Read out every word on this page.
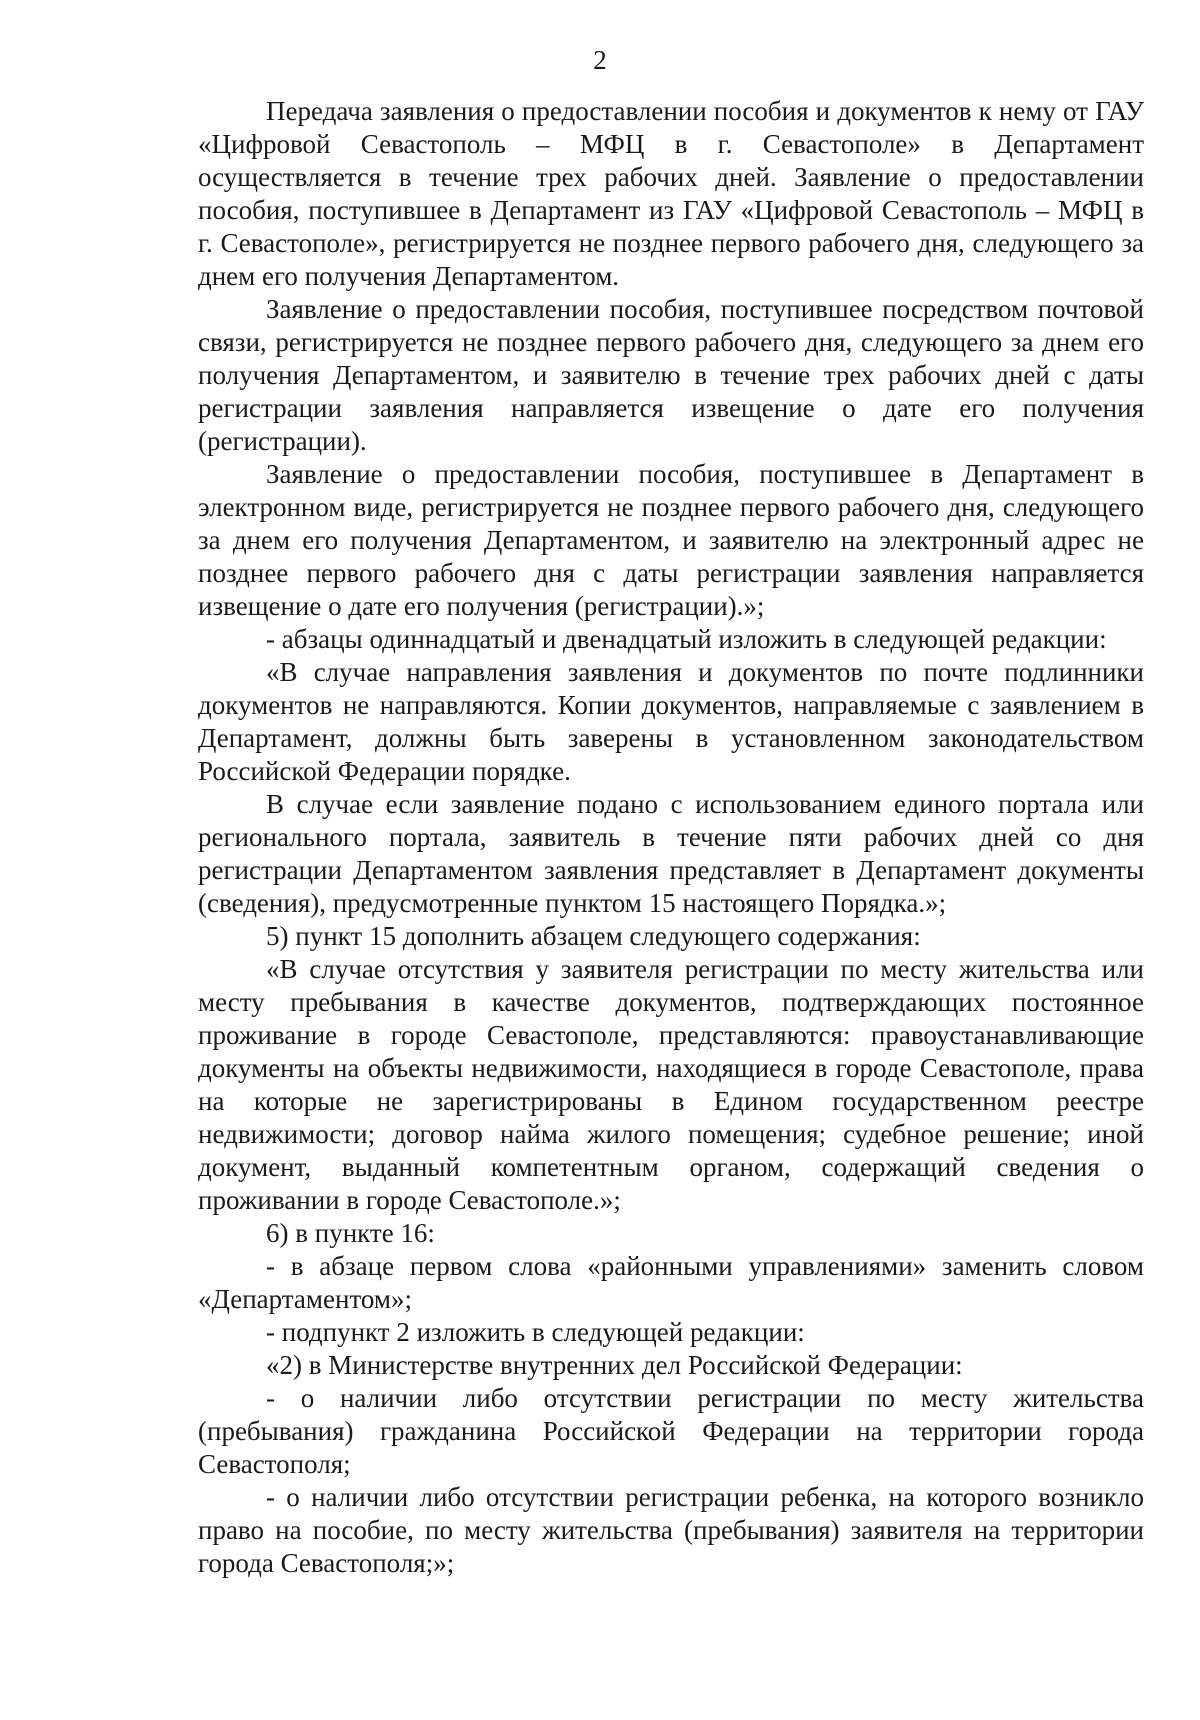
2

Передача заявления о предоставлении пособия и документов к нему от ГАУ «Цифровой Севастополь – МФЦ в г. Севастополе» в Департамент осуществляется в течение трех рабочих дней. Заявление о предоставлении пособия, поступившее в Департамент из ГАУ «Цифровой Севастополь – МФЦ в г. Севастополе», регистрируется не позднее первого рабочего дня, следующего за днем его получения Департаментом.

Заявление о предоставлении пособия, поступившее посредством почтовой связи, регистрируется не позднее первого рабочего дня, следующего за днем его получения Департаментом, и заявителю в течение трех рабочих дней с даты регистрации заявления направляется извещение о дате его получения (регистрации).

Заявление о предоставлении пособия, поступившее в Департамент в электронном виде, регистрируется не позднее первого рабочего дня, следующего за днем его получения Департаментом, и заявителю на электронный адрес не позднее первого рабочего дня с даты регистрации заявления направляется извещение о дате его получения (регистрации).»;

- абзацы одиннадцатый и двенадцатый изложить в следующей редакции:

«В случае направления заявления и документов по почте подлинники документов не направляются. Копии документов, направляемые с заявлением в Департамент, должны быть заверены в установленном законодательством Российской Федерации порядке.

В случае если заявление подано с использованием единого портала или регионального портала, заявитель в течение пяти рабочих дней со дня регистрации Департаментом заявления представляет в Департамент документы (сведения), предусмотренные пунктом 15 настоящего Порядка.»;

5) пункт 15 дополнить абзацем следующего содержания:

«В случае отсутствия у заявителя регистрации по месту жительства или месту пребывания в качестве документов, подтверждающих постоянное проживание в городе Севастополе, представляются: правоустанавливающие документы на объекты недвижимости, находящиеся в городе Севастополе, права на которые не зарегистрированы в Едином государственном реестре недвижимости; договор найма жилого помещения; судебное решение; иной документ, выданный компетентным органом, содержащий сведения о проживании в городе Севастополе.»;

6) в пункте 16:

- в абзаце первом слова «районными управлениями» заменить словом «Департаментом»;

- подпункт 2 изложить в следующей редакции:

«2) в Министерстве внутренних дел Российской Федерации:

- о наличии либо отсутствии регистрации по месту жительства (пребывания) гражданина Российской Федерации на территории города Севастополя;

- о наличии либо отсутствии регистрации ребенка, на которого возникло право на пособие, по месту жительства (пребывания) заявителя на территории города Севастополя;»;
